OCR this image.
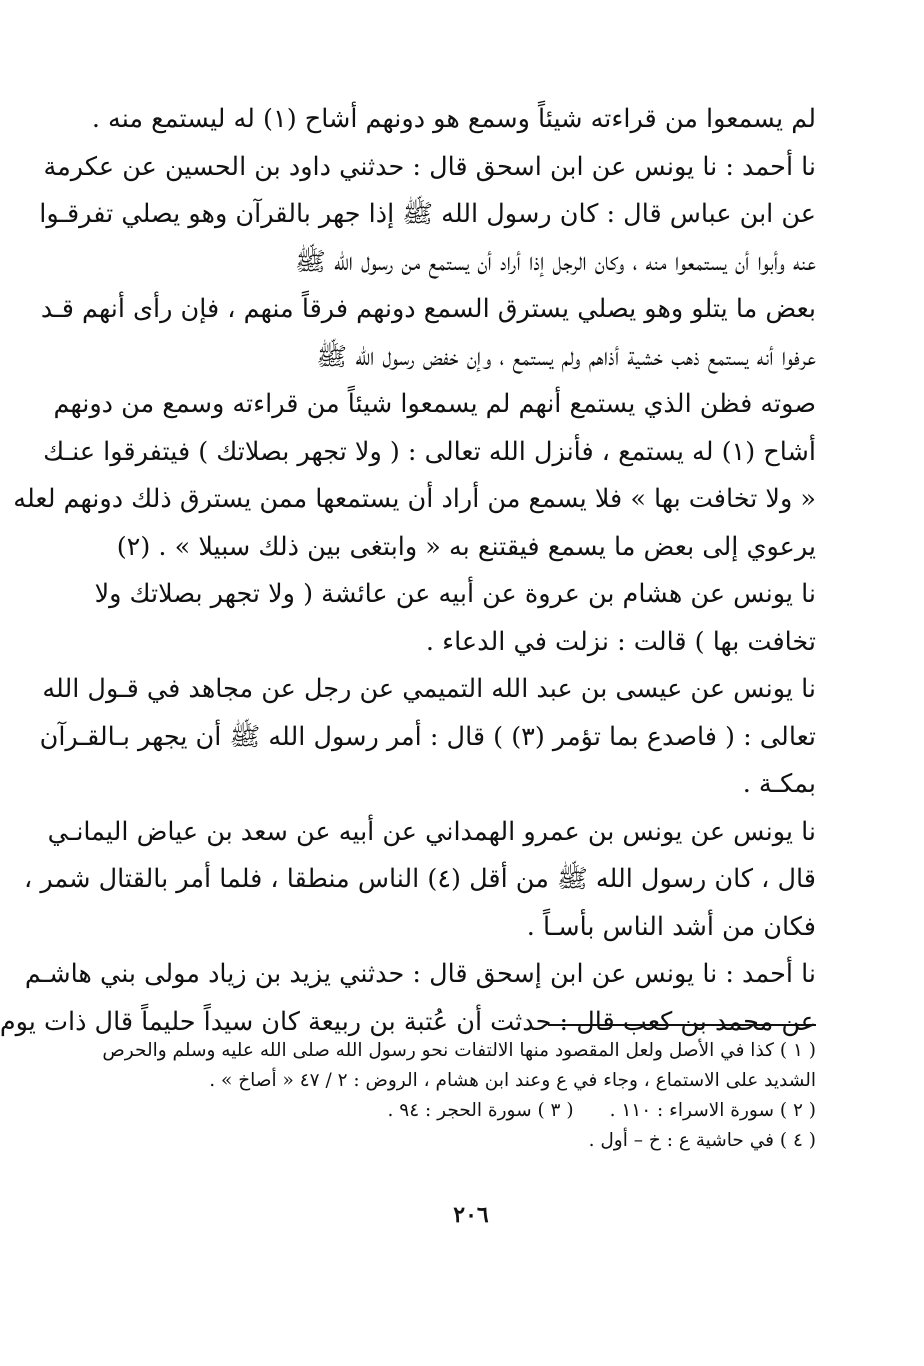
لم يسمعوا من قراءته شيئاً وسمع هو دونهم أشاح (١) له ليستمع منه .
نا أحمد : نا يونس عن ابن اسحق قال : حدثني داود بن الحسين عن عكرمة
عن ابن عباس قال : كان رسول الله ﷺ إذا جهر بالقرآن وهو يصلي تفرقـوا
عنه وأبوا أن يستمعوا منه ، وكان الرجل إذا أراد أن يستمع من رسول الله ﷺ
بعض ما يتلو وهو يصلي يسترق السمع دونهم فرقاً منهم ، فإن رأى أنهم قـد
عرفوا أنه يستمع ذهب خشية أذاهم ولم يستمع ، وإن خفض رسول الله ﷺ
صوته فظن الذي يستمع أنهم لم يسمعوا شيئاً من قراءته وسمع من دونهم
أشاح (١) له يستمع ، فأنزل الله تعالى : ( ولا تجهر بصلاتك ) فيتفرقوا عنـك
« ولا تخافت بها » فلا يسمع من أراد أن يستمعها ممن يسترق ذلك دونهم لعله
يرعوي إلى بعض ما يسمع فيقتنع به « وابتغى بين ذلك سبيلا » . (٢)
نا يونس عن هشام بن عروة عن أبيه عن عائشة ( ولا تجهر بصلاتك ولا
تخافت بها ) قالت : نزلت في الدعاء .
نا يونس عن عيسى بن عبد الله التميمي عن رجل عن مجاهد في قـول الله
تعالى : ( فاصدع بما تؤمر (٣) ) قال : أمر رسول الله ﷺ أن يجهر بـالقـرآن
بمكـة .
نا يونس عن يونس بن عمرو الهمداني عن أبيه عن سعد بن عياض اليمانـي
قال ، كان رسول الله ﷺ من أقل (٤) الناس منطقا ، فلما أمر بالقتال شمر ،
فكان من أشد الناس بأسـاً .
نا أحمد : نا يونس عن ابن إسحق قال : حدثني يزيد بن زياد مولى بني هاشـم
عن محمد بن كعب قال : حدثت أن عُتبة بن ربيعة كان سيداً حليماً قال ذات يوم
( ١ ) كذا في الأصل ولعل المقصود منها الالتفات نحو رسول الله صلى الله عليه وسلم والحرص
الشديد على الاستماع ، وجاء في ع وعند ابن هشام ، الروض : ٢ / ٤٧ « أصاخ » .
( ٢ ) سورة الاسراء : ١١٠ .
( ٣ ) سورة الحجر : ٩٤ .
( ٤ ) في حاشية ع : خ – أول .
٢٠٦
